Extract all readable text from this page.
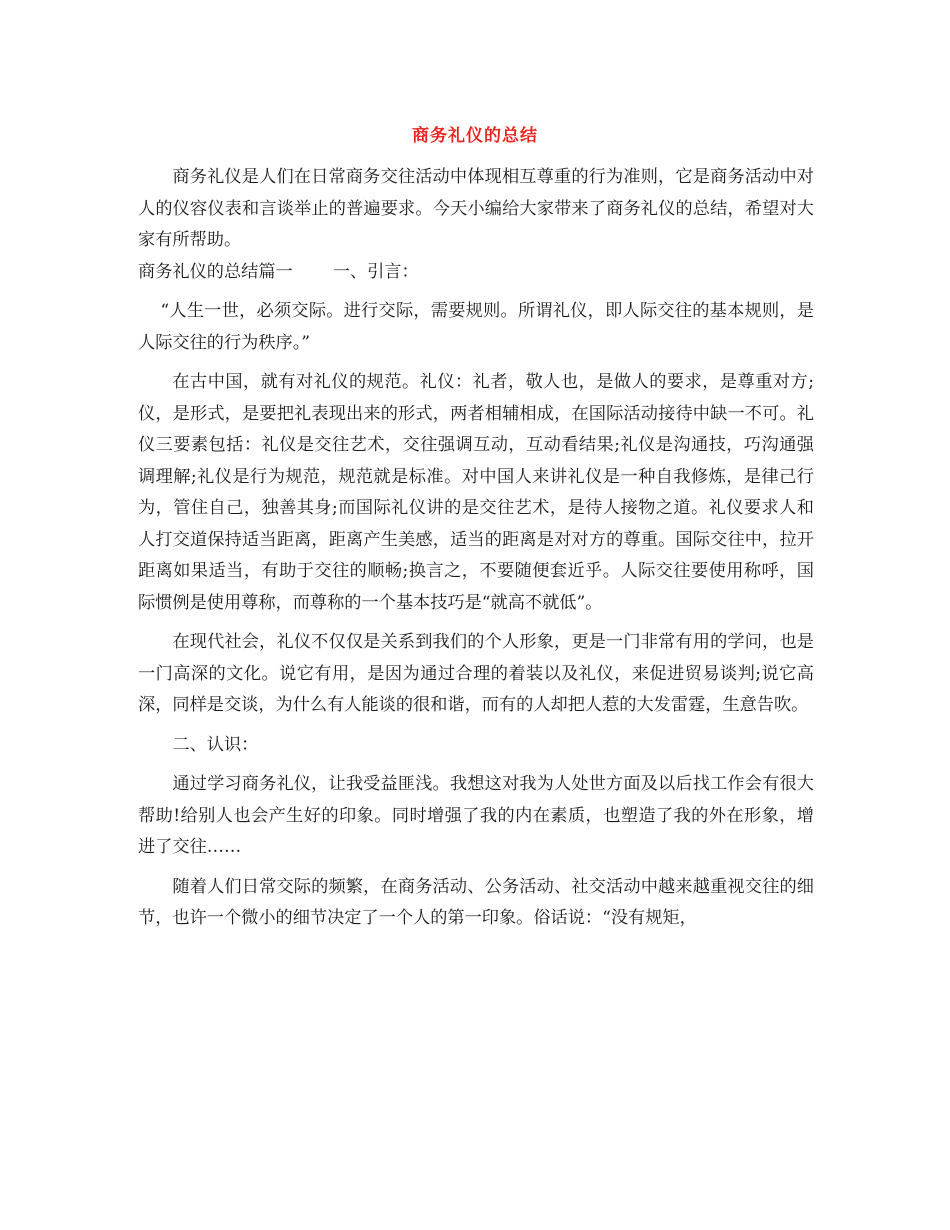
商务礼仪的总结

商务礼仪是人们在日常商务交往活动中体现相互尊重的行为准则，它是商务活动中对人的仪容仪表和言谈举止的普遍要求。今天小编给大家带来了商务礼仪的总结，希望对大家有所帮助。

商务礼仪的总结篇一 一、引言：

“人生一世，必须交际。进行交际，需要规则。所谓礼仪，即人际交往的基本规则，是人际交往的行为秩序。”

在古中国，就有对礼仪的规范。礼仪：礼者，敬人也，是做人的要求，是尊重对方;仪，是形式，是要把礼表现出来的形式，两者相辅相成，在国际活动接待中缺一不可。礼仪三要素包括：礼仪是交往艺术，交往强调互动，互动看结果;礼仪是沟通技，巧沟通强调理解;礼仪是行为规范，规范就是标准。对中国人来讲礼仪是一种自我修炼，是律己行为，管住自己，独善其身;而国际礼仪讲的是交往艺术，是待人接物之道。礼仪要求人和人打交道保持适当距离，距离产生美感，适当的距离是对对方的尊重。国际交往中，拉开距离如果适当，有助于交往的顺畅;换言之，不要随便套近乎。人际交往要使用称呼，国际惯例是使用尊称，而尊称的一个基本技巧是“就高不就低”。

在现代社会，礼仪不仅仅是关系到我们的个人形象，更是一门非常有用的学问，也是一门高深的文化。说它有用，是因为通过合理的着装以及礼仪，来促进贸易谈判;说它高深，同样是交谈，为什么有人能谈的很和谐，而有的人却把人惹的大发雷霆，生意告吹。

二、认识：

通过学习商务礼仪，让我受益匪浅。我想这对我为人处世方面及以后找工作会有很大帮助!给别人也会产生好的印象。同时增强了我的内在素质，也塑造了我的外在形象，增进了交往……

随着人们日常交际的频繁，在商务活动、公务活动、社交活动中越来越重视交往的细节，也许一个微小的细节决定了一个人的第一印象。俗话说：“没有规矩，
